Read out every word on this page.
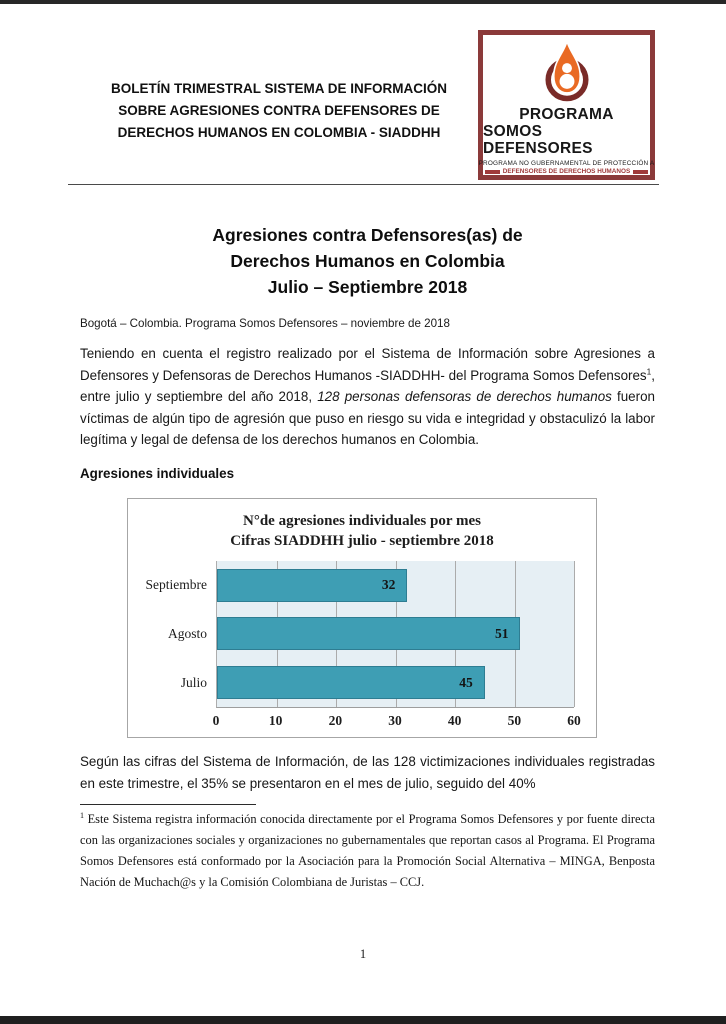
BOLETÍN TRIMESTRAL SISTEMA DE INFORMACIÓN SOBRE AGRESIONES CONTRA DEFENSORES DE DERECHOS HUMANOS EN COLOMBIA - SIADDHH
PROGRAMA
SOMOS DEFENSORES
PROGRAMA NO GUBERNAMENTAL DE PROTECCIÓN A
DEFENSORES DE DERECHOS HUMANOS
Agresiones contra Defensores(as) de
Derechos Humanos en Colombia
Julio – Septiembre 2018
Bogotá – Colombia. Programa Somos Defensores – noviembre de 2018

Teniendo en cuenta el registro realizado por el Sistema de Información sobre Agresiones a Defensores y Defensoras de Derechos Humanos -SIADDHH- del Programa Somos Defensores$^1$, entre julio y septiembre del año 2018, 128 personas defensoras de derechos humanos fueron víctimas de algún tipo de agresión que puso en riesgo su vida e integridad y obstaculizó la labor legítima y legal de defensa de los derechos humanos en Colombia.

Agresiones individuales
N°de agresiones individuales por mes
Cifras SIADDHH julio - septiembre 2018
Septiembre
Agosto
Julio
32
51
45
0	10	20	30	40	50	60

Según las cifras del Sistema de Información, de las 128 victimizaciones individuales registradas en este trimestre, el 35% se presentaron en el mes de julio, seguido del 40%

$^1$ Este Sistema registra información conocida directamente por el Programa Somos Defensores y por fuente directa con las organizaciones sociales y organizaciones no gubernamentales que reportan casos al Programa. El Programa Somos Defensores está conformado por la Asociación para la Promoción Social Alternativa – MINGA, Benposta Nación de Muchach@s y la Comisión Colombiana de Juristas – CCJ.

1
